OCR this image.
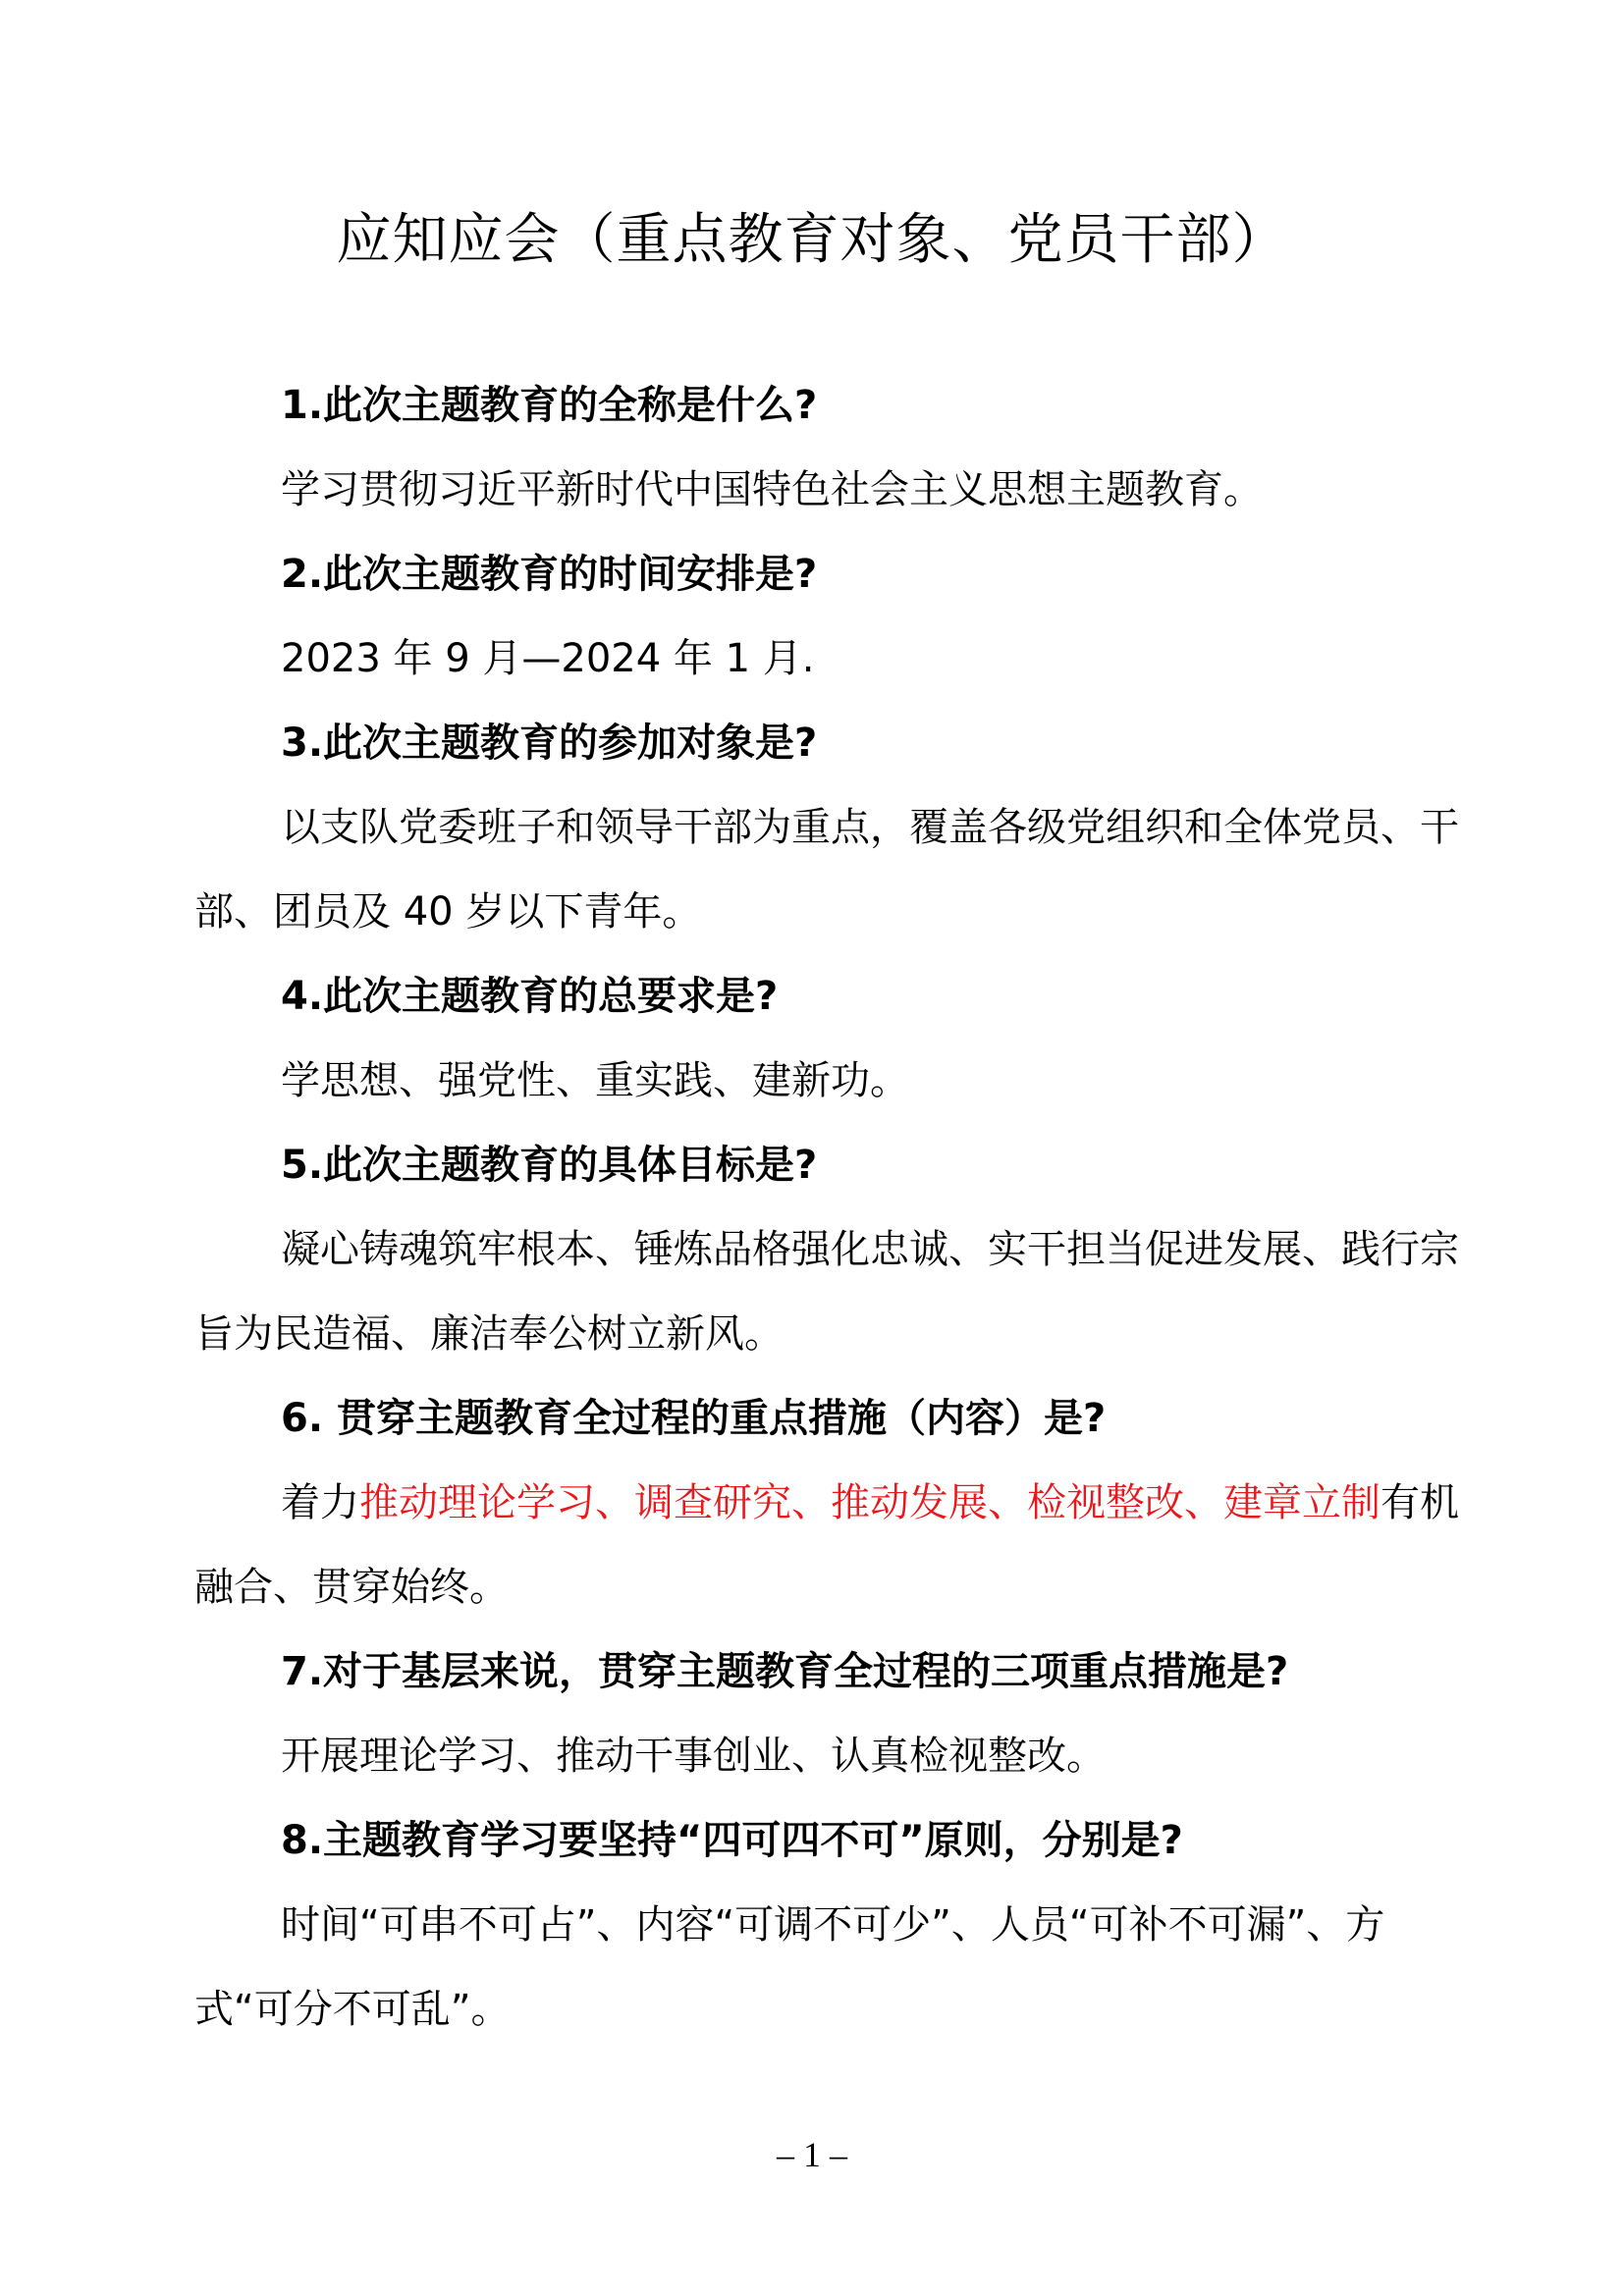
应知应会（重点教育对象、党员干部）

1.此次主题教育的全称是什么?

学习贯彻习近平新时代中国特色社会主义思想主题教育。

2.此次主题教育的时间安排是?

2023 年 9 月—2024 年 1 月.

3.此次主题教育的参加对象是?

以支队党委班子和领导干部为重点，覆盖各级党组织和全体党员、干部、团员及 40 岁以下青年。

4.此次主题教育的总要求是?

学思想、强党性、重实践、建新功。

5.此次主题教育的具体目标是?

凝心铸魂筑牢根本、锤炼品格强化忠诚、实干担当促进发展、践行宗旨为民造福、廉洁奉公树立新风。

6. 贯穿主题教育全过程的重点措施（内容）是?

着力推动理论学习、调查研究、推动发展、检视整改、建章立制有机融合、贯穿始终。

7.对于基层来说，贯穿主题教育全过程的三项重点措施是?

开展理论学习、推动干事创业、认真检视整改。

8.主题教育学习要坚持“四可四不可”原则，分别是?

时间“可串不可占”、内容“可调不可少”、人员“可补不可漏”、方式“可分不可乱”。

– 1 –
